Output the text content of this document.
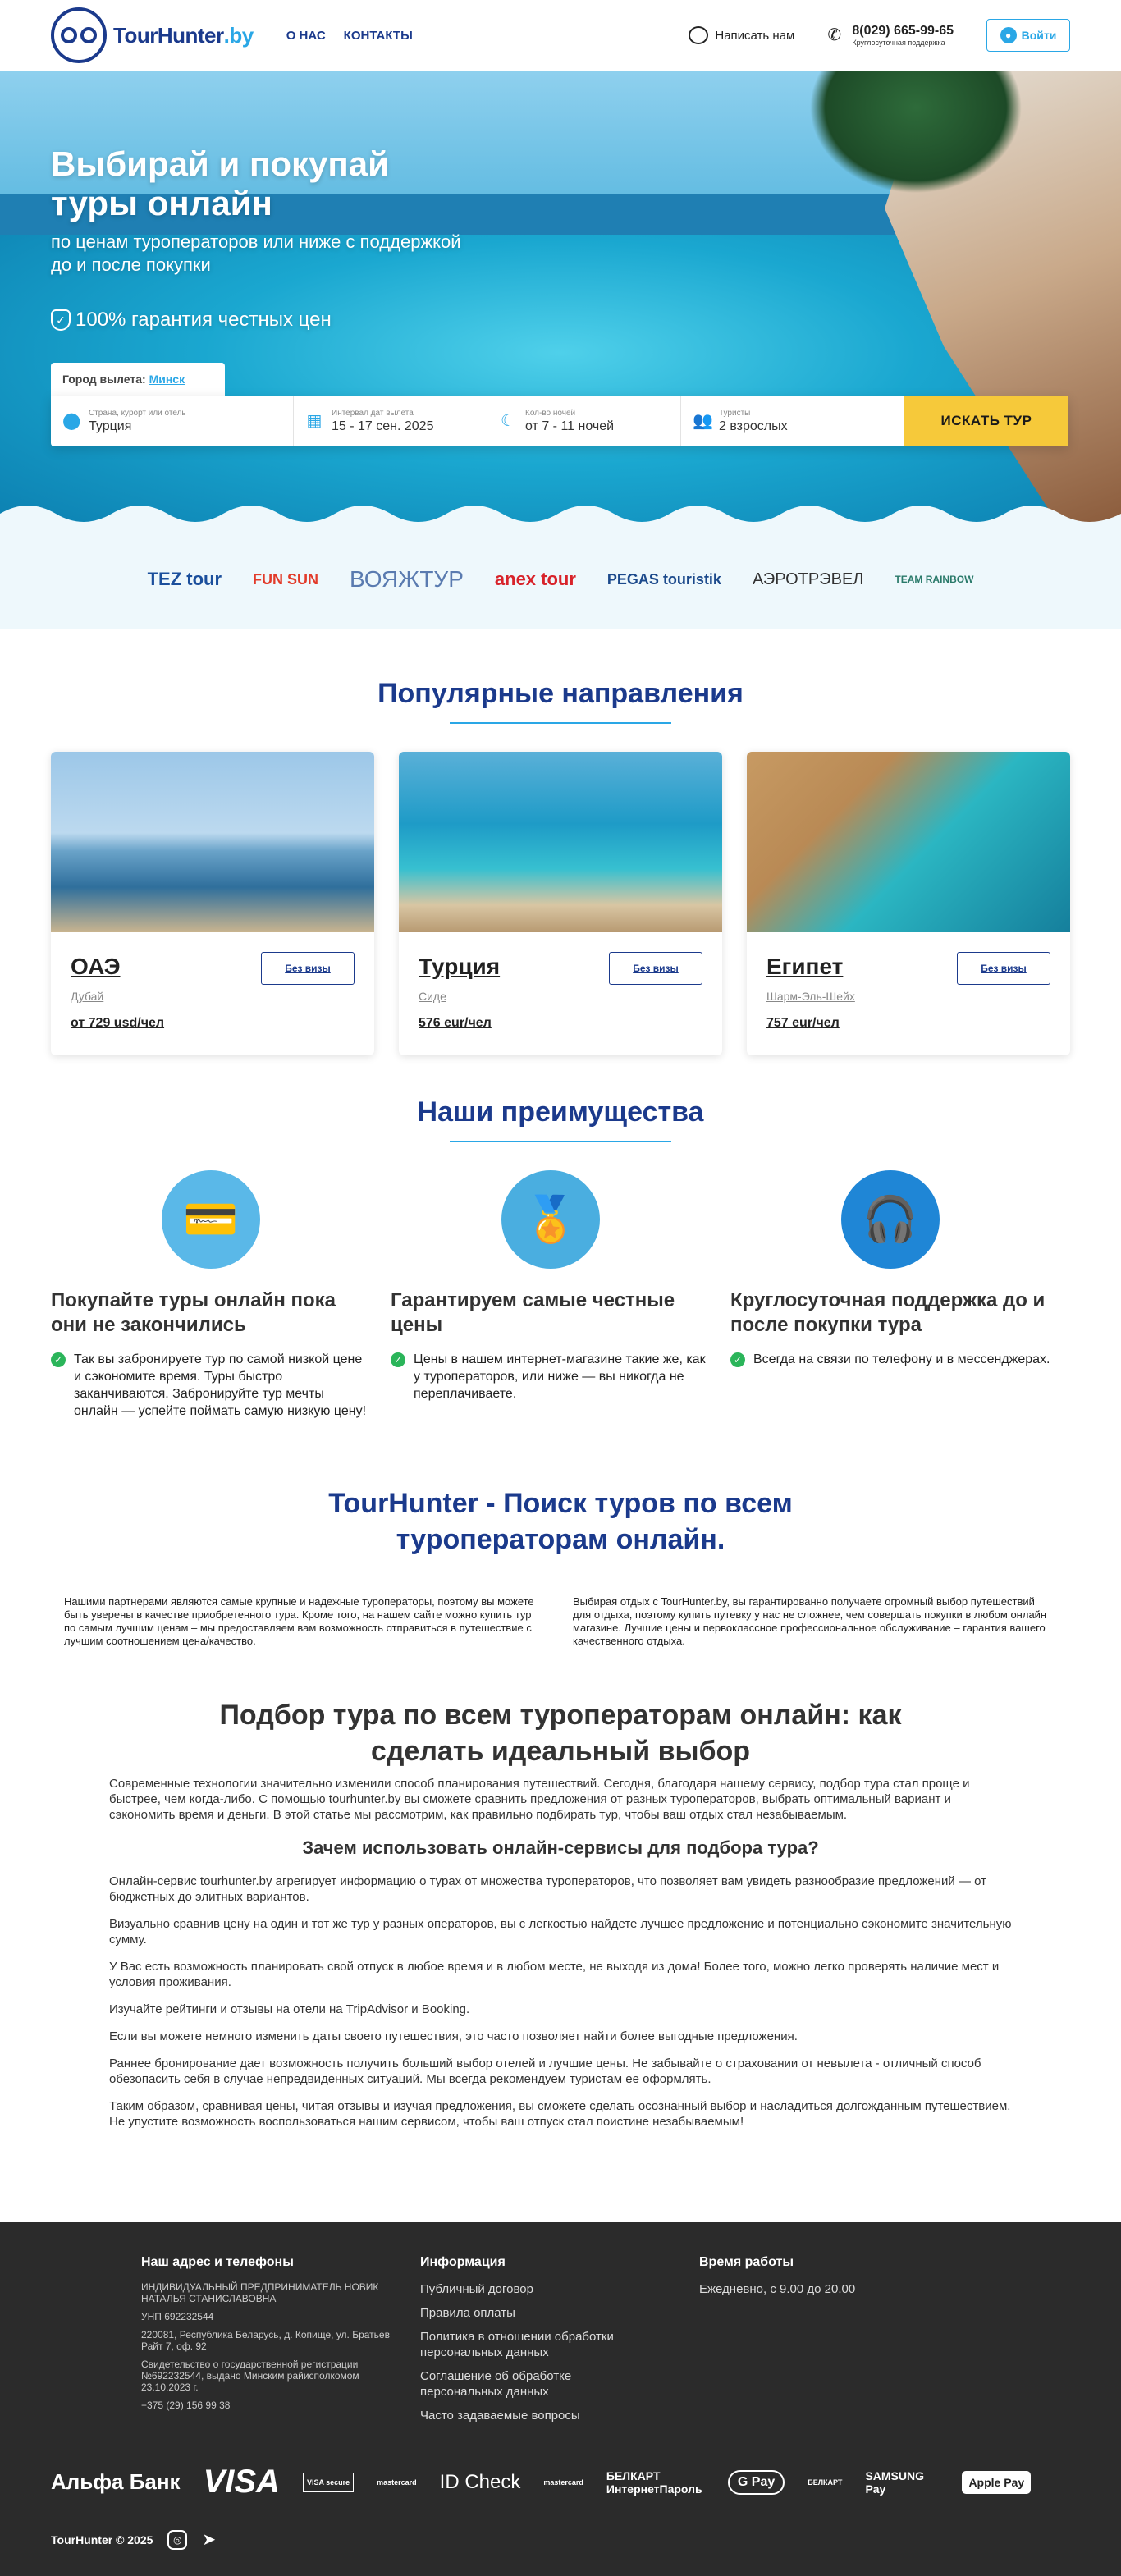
TourHunter.by	О НАС КОНТАКТЫ	Написать нам ✆ 8(029) 665-99-65
Круглосуточная поддержка
● Войти
Выбирай и покупай туры онлайн
по ценам туроператоров или ниже с поддержкой до и после покупки
✓ 100% гарантия честных цен
Город вылета: Минск
⬤ Страна, курорт или отель
Турция	▦ Интервал дат вылета
15 - 17 сен. 2025	☾ Кол-во ночей
от 7 - 11 ночей	👥 Туристы
2 взрослых	ИСКАТЬ ТУР
TEZ tour FUN SUN ВОЯЖТУР anex tour PEGAS touristik АЭРОТРЭВЕЛ	TEAM RAINBOW
Популярные направления
ОАЭ
Дубай
от 729 usd/чел
Без визы	Турция
Сиде
576 eur/чел
Без визы	Египет
Шарм-Эль-Шейх
757 eur/чел
Без визы
Наши преимущества
💳
Покупайте туры онлайн пока они не закончились
✓ Так вы забронируете тур по самой низкой цене и сэкономите время. Туры быстро заканчиваются. Забронируйте тур мечты онлайн — успейте поймать самую низкую цену!
🏅
Гарантируем самые честные цены
✓ Цены в нашем интернет-магазине такие же, как у туроператоров, или ниже — вы никогда не переплачиваете.
🎧
Круглосуточная поддержка до и после покупки тура
✓ Всегда на связи по телефону и в мессенджерах.
TourHunter - Поиск туров по всем туроператорам онлайн.
Нашими партнерами являются самые крупные и надежные туроператоры, поэтому вы можете быть уверены в качестве приобретенного тура. Кроме того, на нашем сайте можно купить тур по самым лучшим ценам – мы предоставляем вам возможность отправиться в путешествие с лучшим соотношением цена/качество.
Выбирая отдых с TourHunter.by, вы гарантированно получаете огромный выбор путешествий для отдыха, поэтому купить путевку у нас не сложнее, чем совершать покупки в любом онлайн магазине. Лучшие цены и первоклассное профессиональное обслуживание – гарантия вашего качественного отдыха.
Подбор тура по всем туроператорам онлайн: как сделать идеальный выбор

Современные технологии значительно изменили способ планирования путешествий. Сегодня, благодаря нашему сервису, подбор тура стал проще и быстрее, чем когда-либо. С помощью tourhunter.by вы сможете сравнить предложения от разных туроператоров, выбрать оптимальный вариант и сэкономить время и деньги. В этой статье мы рассмотрим, как правильно подбирать тур, чтобы ваш отдых стал незабываемым.

Зачем использовать онлайн-сервисы для подбора тура?

Онлайн-сервис tourhunter.by агрегирует информацию о турах от множества туроператоров, что позволяет вам увидеть разнообразие предложений — от бюджетных до элитных вариантов.

Визуально сравнив цену на один и тот же тур у разных операторов, вы с легкостью найдете лучшее предложение и потенциально сэкономите значительную сумму.

У Вас есть возможность планировать свой отпуск в любое время и в любом месте, не выходя из дома! Более того, можно легко проверять наличие мест и условия проживания.

Изучайте рейтинги и отзывы на отели на TripAdvisor и Booking.

Если вы можете немного изменить даты своего путешествия, это часто позволяет найти более выгодные предложения.

Раннее бронирование дает возможность получить больший выбор отелей и лучшие цены. Не забывайте о страховании от невылета - отличный способ обезопасить себя в случае непредвиденных ситуаций. Мы всегда рекомендуем туристам ее оформлять.

Таким образом, сравнивая цены, читая отзывы и изучая предложения, вы сможете сделать осознанный выбор и насладиться долгожданным путешествием. Не упустите возможность воспользоваться нашим сервисом, чтобы ваш отпуск стал поистине незабываемым!

Наш адрес и телефоны
ИНДИВИДУАЛЬНЫЙ ПРЕДПРИНИМАТЕЛЬ НОВИК НАТАЛЬЯ СТАНИСЛАВОВНА
УНП 692232544
220081, Республика Беларусь, д. Копище, ул. Братьев Райт 7, оф. 92
Свидетельство о государственной регистрации №692232544, выдано Минским райисполкомом 23.10.2023 г.
+375 (29) 156 99 38
Информация
Публичный договор
Правила оплаты
Политика в отношении обработки персональных данных
Соглашение об обработке персональных данных
Часто задаваемые вопросы
Время работы
Ежедневно, с 9.00 до 20.00
Альфа Банк VISA	VISA secure	mastercard ID Check	mastercard БЕЛКАРТ ИнтернетПароль	G Pay	БЕЛКАРТ SAMSUNG Pay	Apple Pay
TourHunter © 2025	◎	➤
